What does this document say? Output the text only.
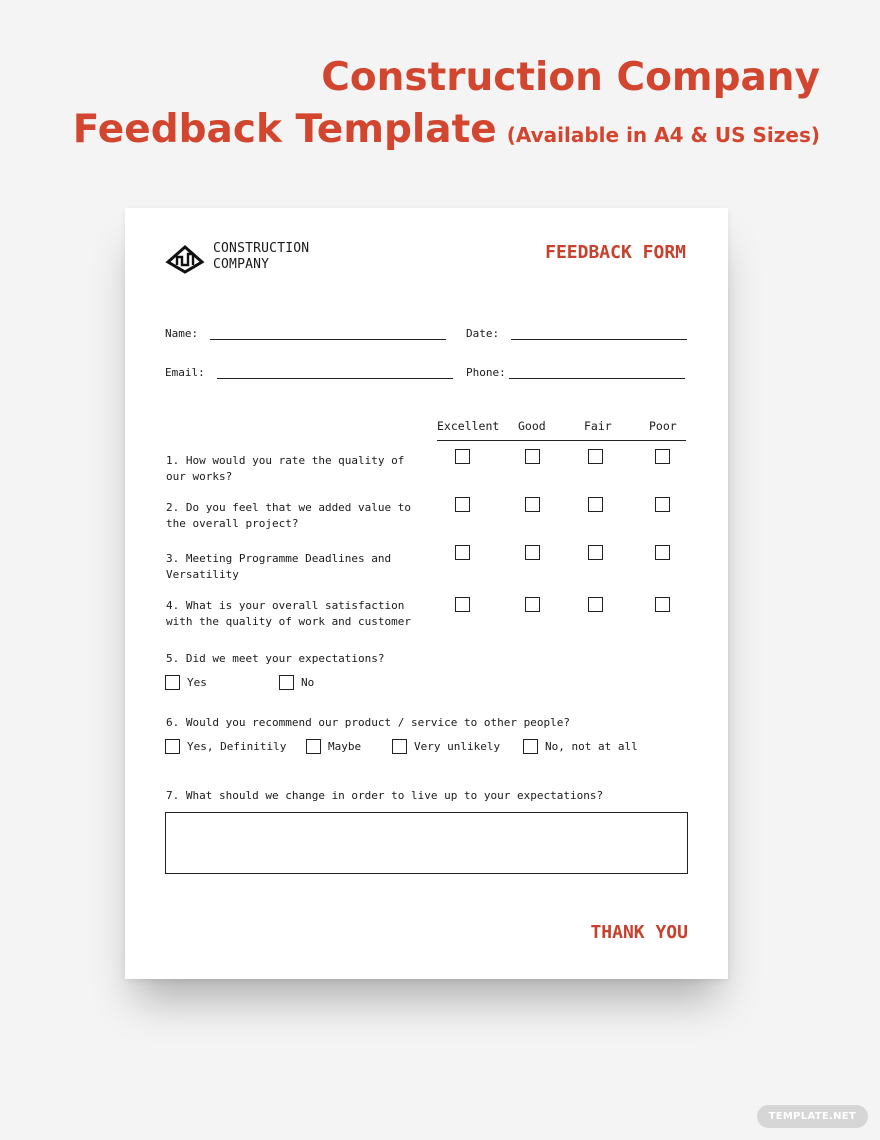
Construction Company
Feedback Template (Available in A4 & US Sizes)
CONSTRUCTION
COMPANY
FEEDBACK FORM
Name:	Date:
Email:	Phone:
Excellent Good	Fair	Poor
1. How would you rate the quality of our works?
2. Do you feel that we added value to the overall project?
3. Meeting Programme Deadlines and Versatility
4. What is your overall satisfaction with the quality of work and customer
5. Did we meet your expectations?
Yes	No
6. Would you recommend our product / service to other people?
Yes, Definitily	Maybe	Very unlikely	No, not at all
7. What should we change in order to live up to your expectations?
THANK YOU
TEMPLATE.NET
